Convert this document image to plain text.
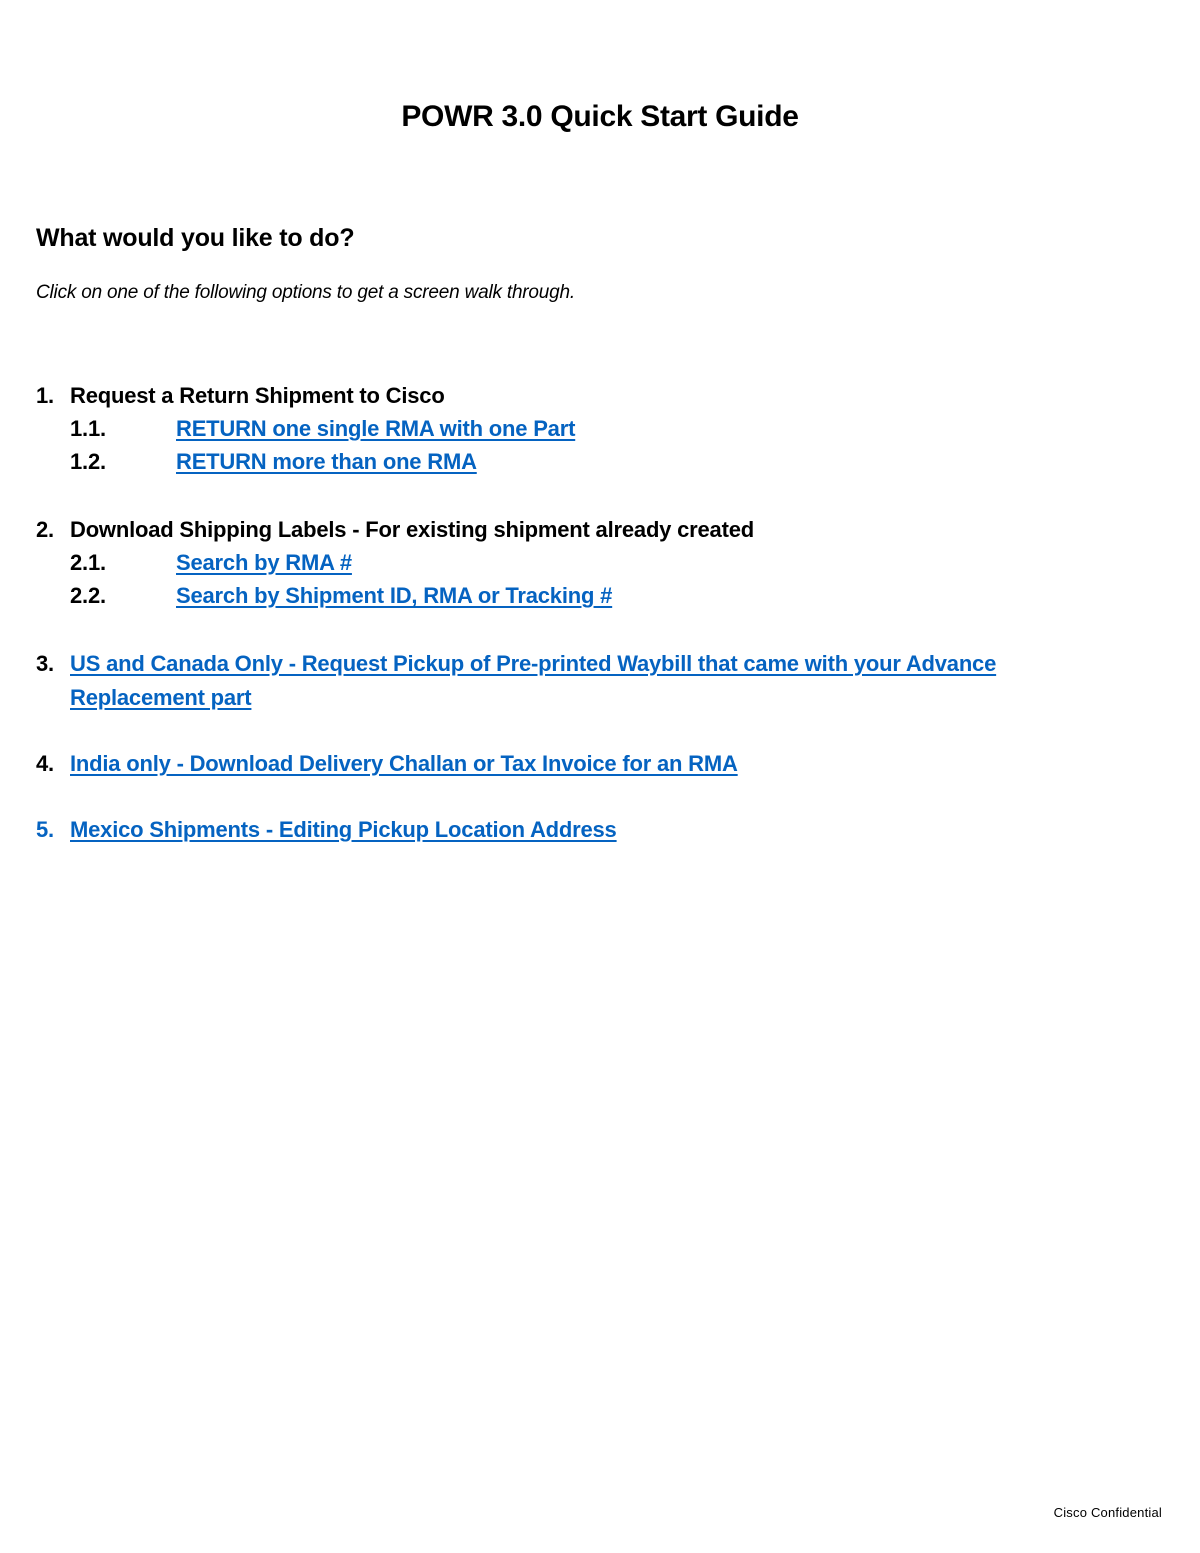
POWR 3.0 Quick Start Guide
What would you like to do?
Click on one of the following options to get a screen walk through.
1. Request a Return Shipment to Cisco
1.1.	RETURN one single RMA with one Part
1.2.	RETURN more than one RMA
2. Download Shipping Labels - For existing shipment already created
2.1.	Search by RMA #
2.2.	Search by Shipment ID, RMA or Tracking #
3. US and Canada Only - Request Pickup of Pre-printed Waybill that came with your Advance
Replacement part
4. India only - Download Delivery Challan or Tax Invoice for an RMA
5. Mexico Shipments - Editing Pickup Location Address
Cisco Confidential
